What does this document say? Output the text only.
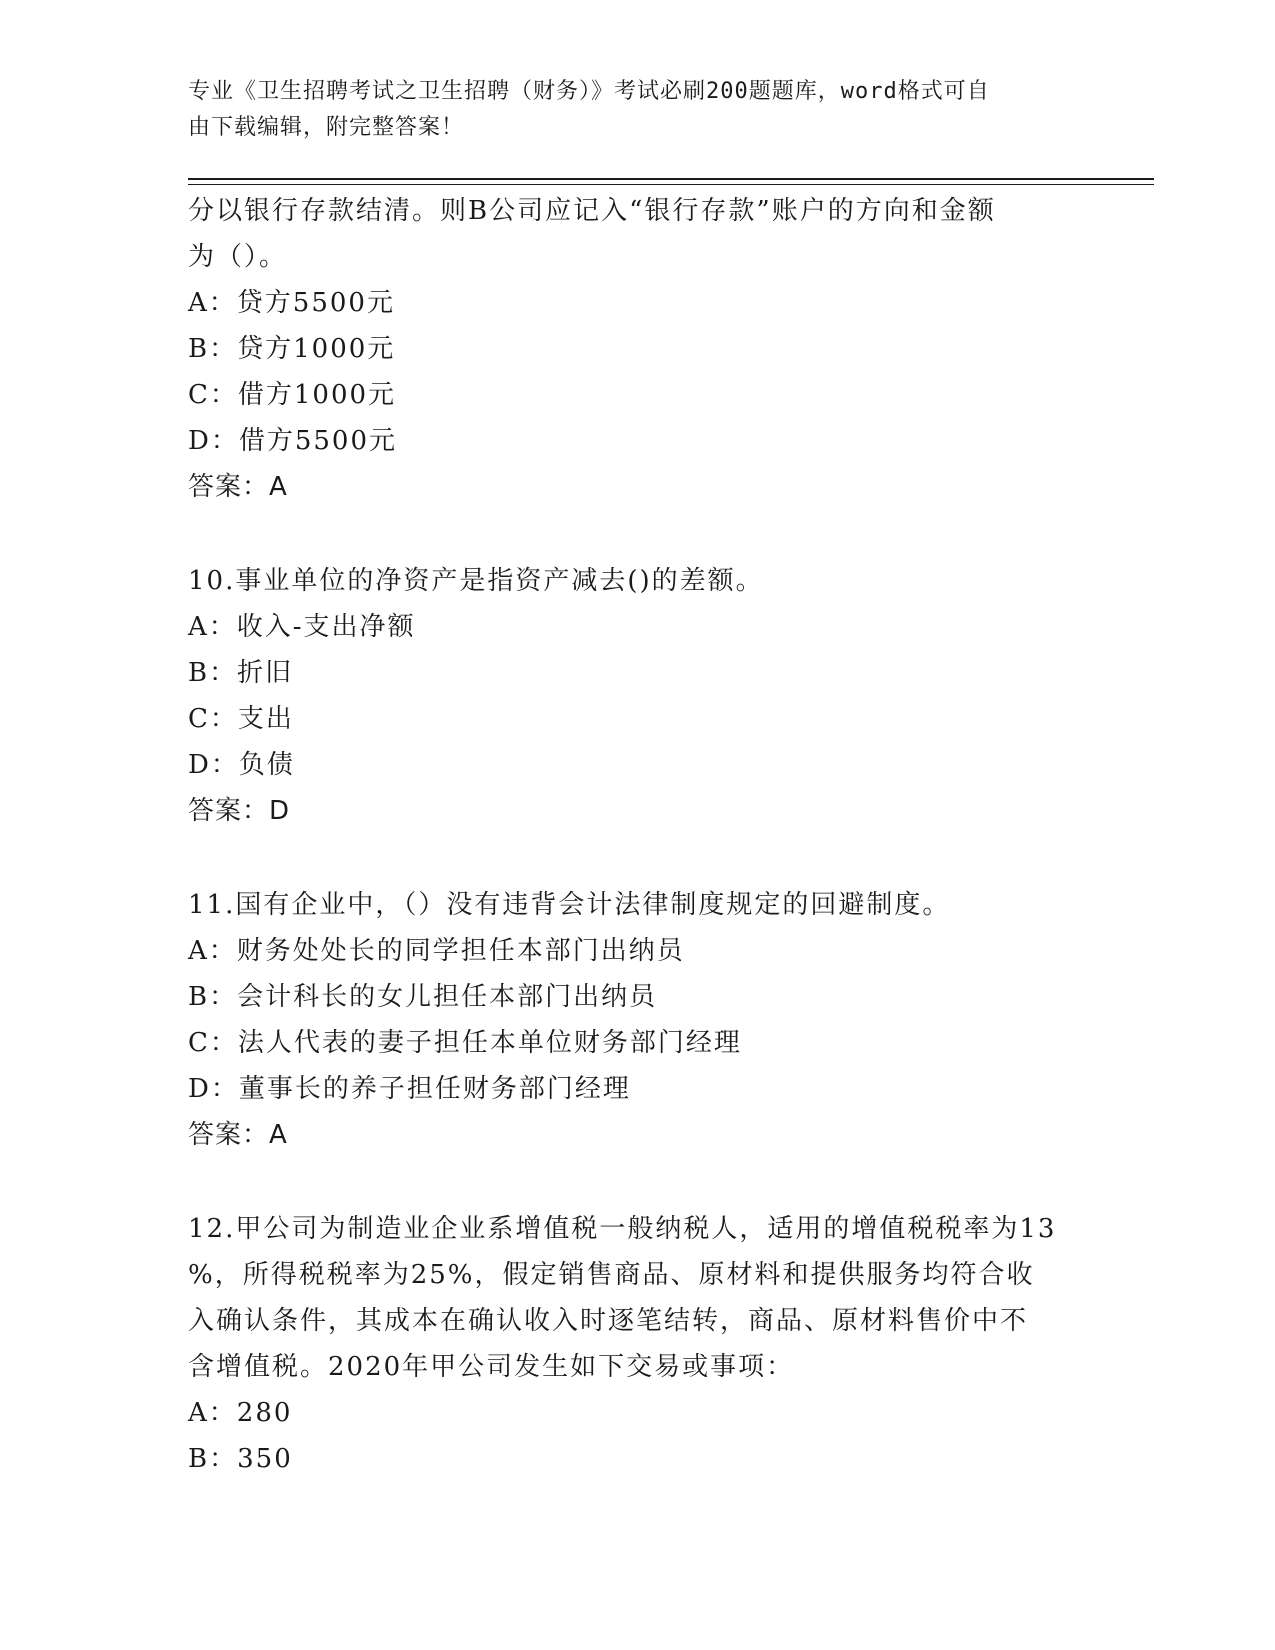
专业《卫生招聘考试之卫生招聘（财务）》考试必刷200题题库，word格式可自
由下载编辑，附完整答案！
分以银行存款结清。则B公司应记入“银行存款”账户的方向和金额
为（）。
A：贷方5500元
B：贷方1000元
C：借方1000元
D：借方5500元
答案：A
10.事业单位的净资产是指资产减去()的差额。
A：收入-支出净额
B：折旧
C：支出
D：负债
答案：D
11.国有企业中，（）没有违背会计法律制度规定的回避制度。
A：财务处处长的同学担任本部门出纳员
B：会计科长的女儿担任本部门出纳员
C：法人代表的妻子担任本单位财务部门经理
D：董事长的养子担任财务部门经理
答案：A
12.甲公司为制造业企业系增值税一般纳税人，适用的增值税税率为13
%，所得税税率为25%，假定销售商品、原材料和提供服务均符合收
入确认条件，其成本在确认收入时逐笔结转，商品、原材料售价中不
含增值税。2020年甲公司发生如下交易或事项：
A：280
B：350
